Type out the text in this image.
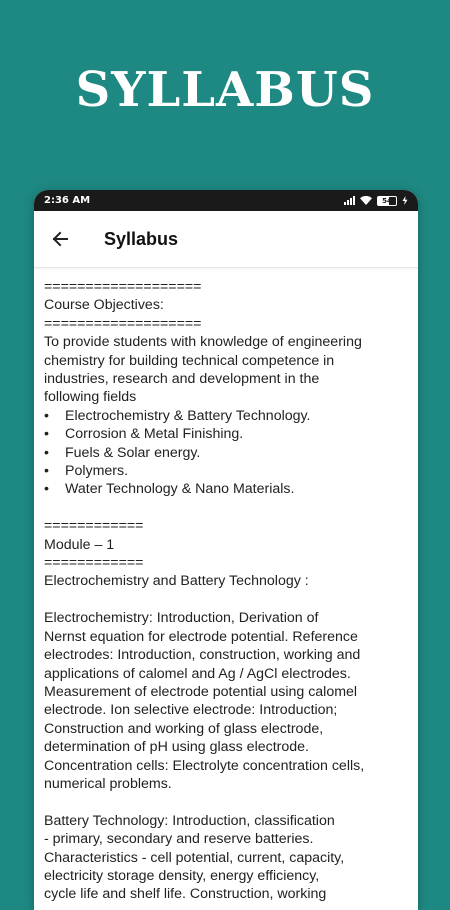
SYLLABUS
2:36 AM	54
Syllabus
===================
Course Objectives:
===================
To provide students with knowledge of engineering
chemistry for building technical competence in
industries, research and development in the
following fields
• Electrochemistry & Battery Technology.
• Corrosion & Metal Finishing.
• Fuels & Solar energy.
• Polymers.
• Water Technology & Nano Materials.
============
Module – 1
============
Electrochemistry and Battery Technology :
Electrochemistry: Introduction, Derivation of
Nernst equation for electrode potential. Reference
electrodes: Introduction, construction, working and
applications of calomel and Ag / AgCl electrodes.
Measurement of electrode potential using calomel
electrode. Ion selective electrode: Introduction;
Construction and working of glass electrode,
determination of pH using glass electrode.
Concentration cells: Electrolyte concentration cells,
numerical problems.
Battery Technology: Introduction, classification
- primary, secondary and reserve batteries.
Characteristics - cell potential, current, capacity,
electricity storage density, energy efficiency,
cycle life and shelf life. Construction, working
